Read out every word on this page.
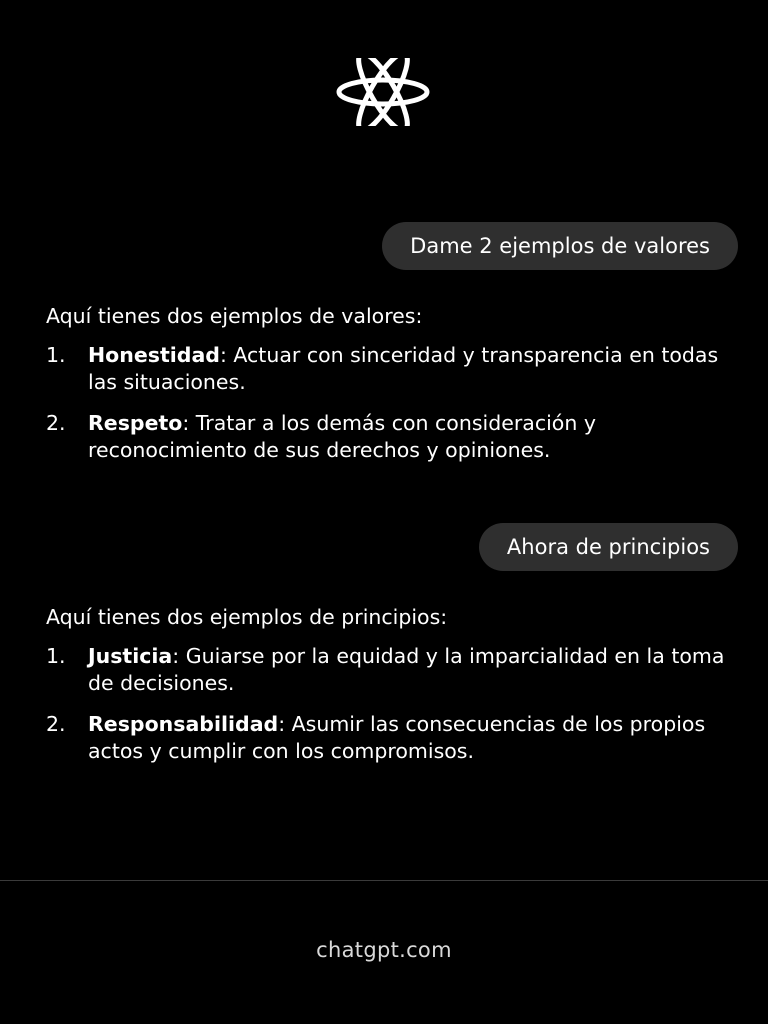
Dame 2 ejemplos de valores

Aquí tienes dos ejemplos de valores:

1. Honestidad: Actuar con sinceridad y transparencia en todas las situaciones.
2. Respeto: Tratar a los demás con consideración y reconocimiento de sus derechos y opiniones.
Ahora de principios

Aquí tienes dos ejemplos de principios:

1. Justicia: Guiarse por la equidad y la imparcialidad en la toma de decisiones.
2. Responsabilidad: Asumir las consecuencias de los propios actos y cumplir con los compromisos.
chatgpt.com
